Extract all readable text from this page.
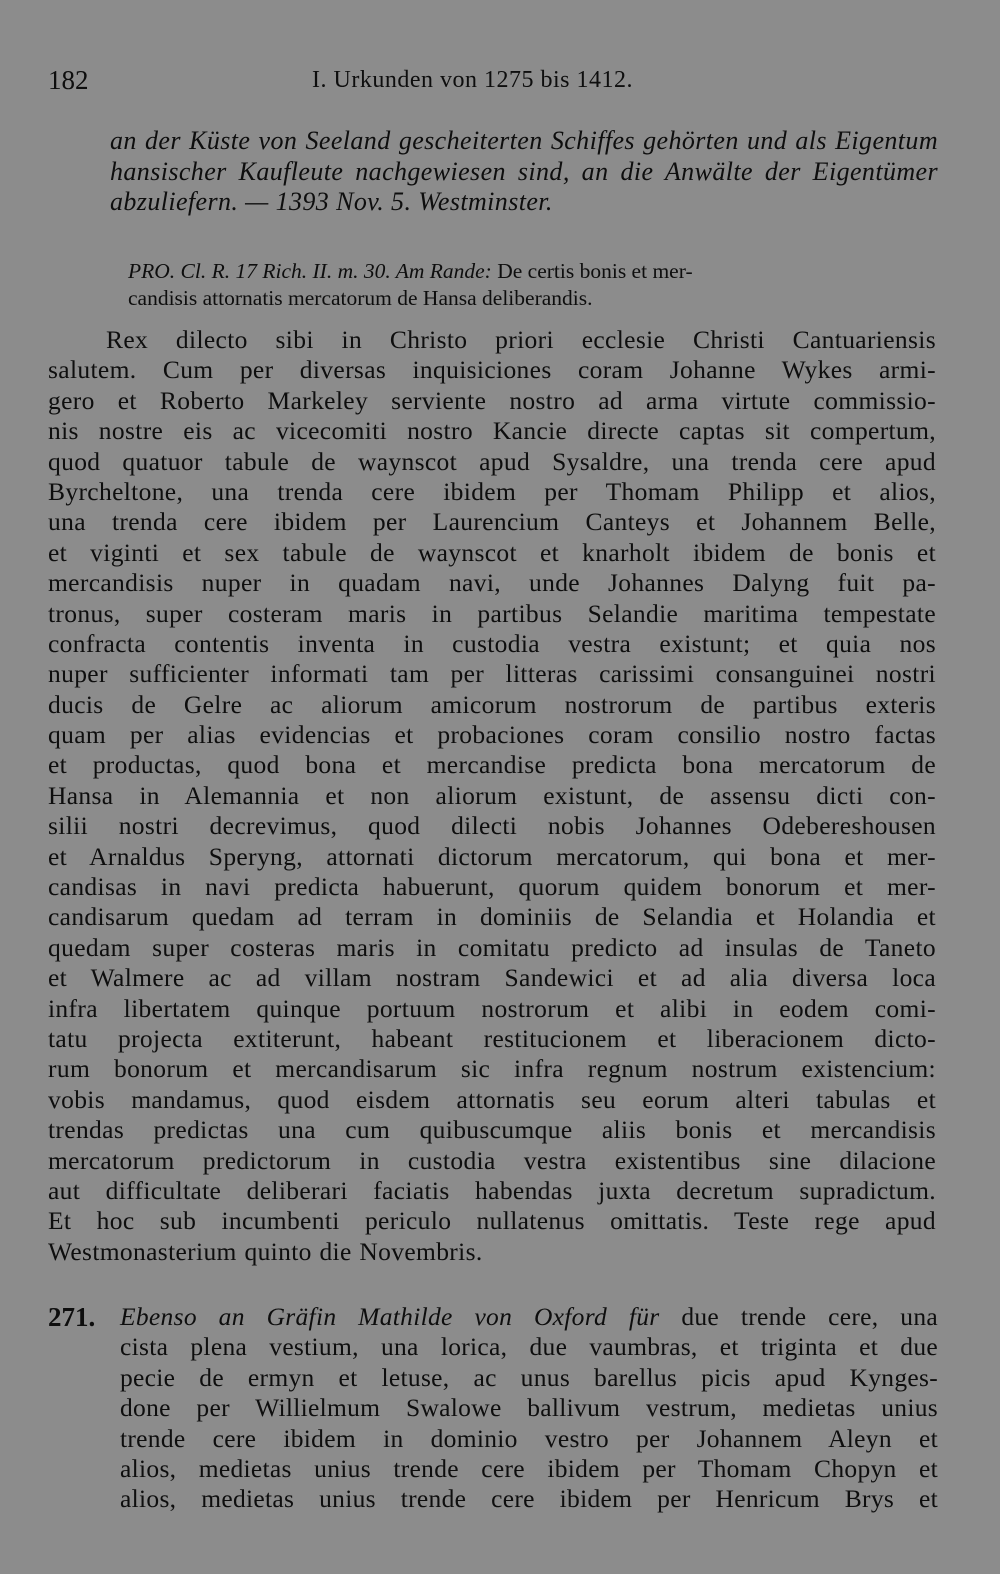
182	I. Urkunden von 1275 bis 1412.

an der Küste von Seeland gescheiterten Schiffes gehörten und als Eigentum hansischer Kaufleute nachgewiesen sind, an die Anwälte der Eigentümer abzuliefern. — 1393 Nov. 5. Westminster.

PRO. Cl. R. 17 Rich. II. m. 30. Am Rande: De certis bonis et mer-
candisis attornatis mercatorum de Hansa deliberandis.
Rex dilecto sibi in Christo priori ecclesie Christi Cantuariensis
salutem. Cum per diversas inquisiciones coram Johanne Wykes armi-
gero et Roberto Markeley serviente nostro ad arma virtute commissio-
nis nostre eis ac vicecomiti nostro Kancie directe captas sit compertum,
quod quatuor tabule de waynscot apud Sysaldre, una trenda cere apud
Byrcheltone, una trenda cere ibidem per Thomam Philipp et alios,
una trenda cere ibidem per Laurencium Canteys et Johannem Belle,
et viginti et sex tabule de waynscot et knarholt ibidem de bonis et
mercandisis nuper in quadam navi, unde Johannes Dalyng fuit pa-
tronus, super costeram maris in partibus Selandie maritima tempestate
confracta contentis inventa in custodia vestra existunt; et quia nos
nuper sufficienter informati tam per litteras carissimi consanguinei nostri
ducis de Gelre ac aliorum amicorum nostrorum de partibus exteris
quam per alias evidencias et probaciones coram consilio nostro factas
et productas, quod bona et mercandise predicta bona mercatorum de
Hansa in Alemannia et non aliorum existunt, de assensu dicti con-
silii nostri decrevimus, quod dilecti nobis Johannes Odebereshousen
et Arnaldus Speryng, attornati dictorum mercatorum, qui bona et mer-
candisas in navi predicta habuerunt, quorum quidem bonorum et mer-
candisarum quedam ad terram in dominiis de Selandia et Holandia et
quedam super costeras maris in comitatu predicto ad insulas de Taneto
et Walmere ac ad villam nostram Sandewici et ad alia diversa loca
infra libertatem quinque portuum nostrorum et alibi in eodem comi-
tatu projecta extiterunt, habeant restitucionem et liberacionem dicto-
rum bonorum et mercandisarum sic infra regnum nostrum existencium:
vobis mandamus, quod eisdem attornatis seu eorum alteri tabulas et
trendas predictas una cum quibuscumque aliis bonis et mercandisis
mercatorum predictorum in custodia vestra existentibus sine dilacione
aut difficultate deliberari faciatis habendas juxta decretum supradictum.
Et hoc sub incumbenti periculo nullatenus omittatis. Teste rege apud
Westmonasterium quinto die Novembris.
271. Ebenso an Gräfin Mathilde von Oxford für due trende cere, una
cista plena vestium, una lorica, due vaumbras, et triginta et due
pecie de ermyn et letuse, ac unus barellus picis apud Kynges-
done per Willielmum Swalowe ballivum vestrum, medietas unius
trende cere ibidem in dominio vestro per Johannem Aleyn et
alios, medietas unius trende cere ibidem per Thomam Chopyn et
alios, medietas unius trende cere ibidem per Henricum Brys et
